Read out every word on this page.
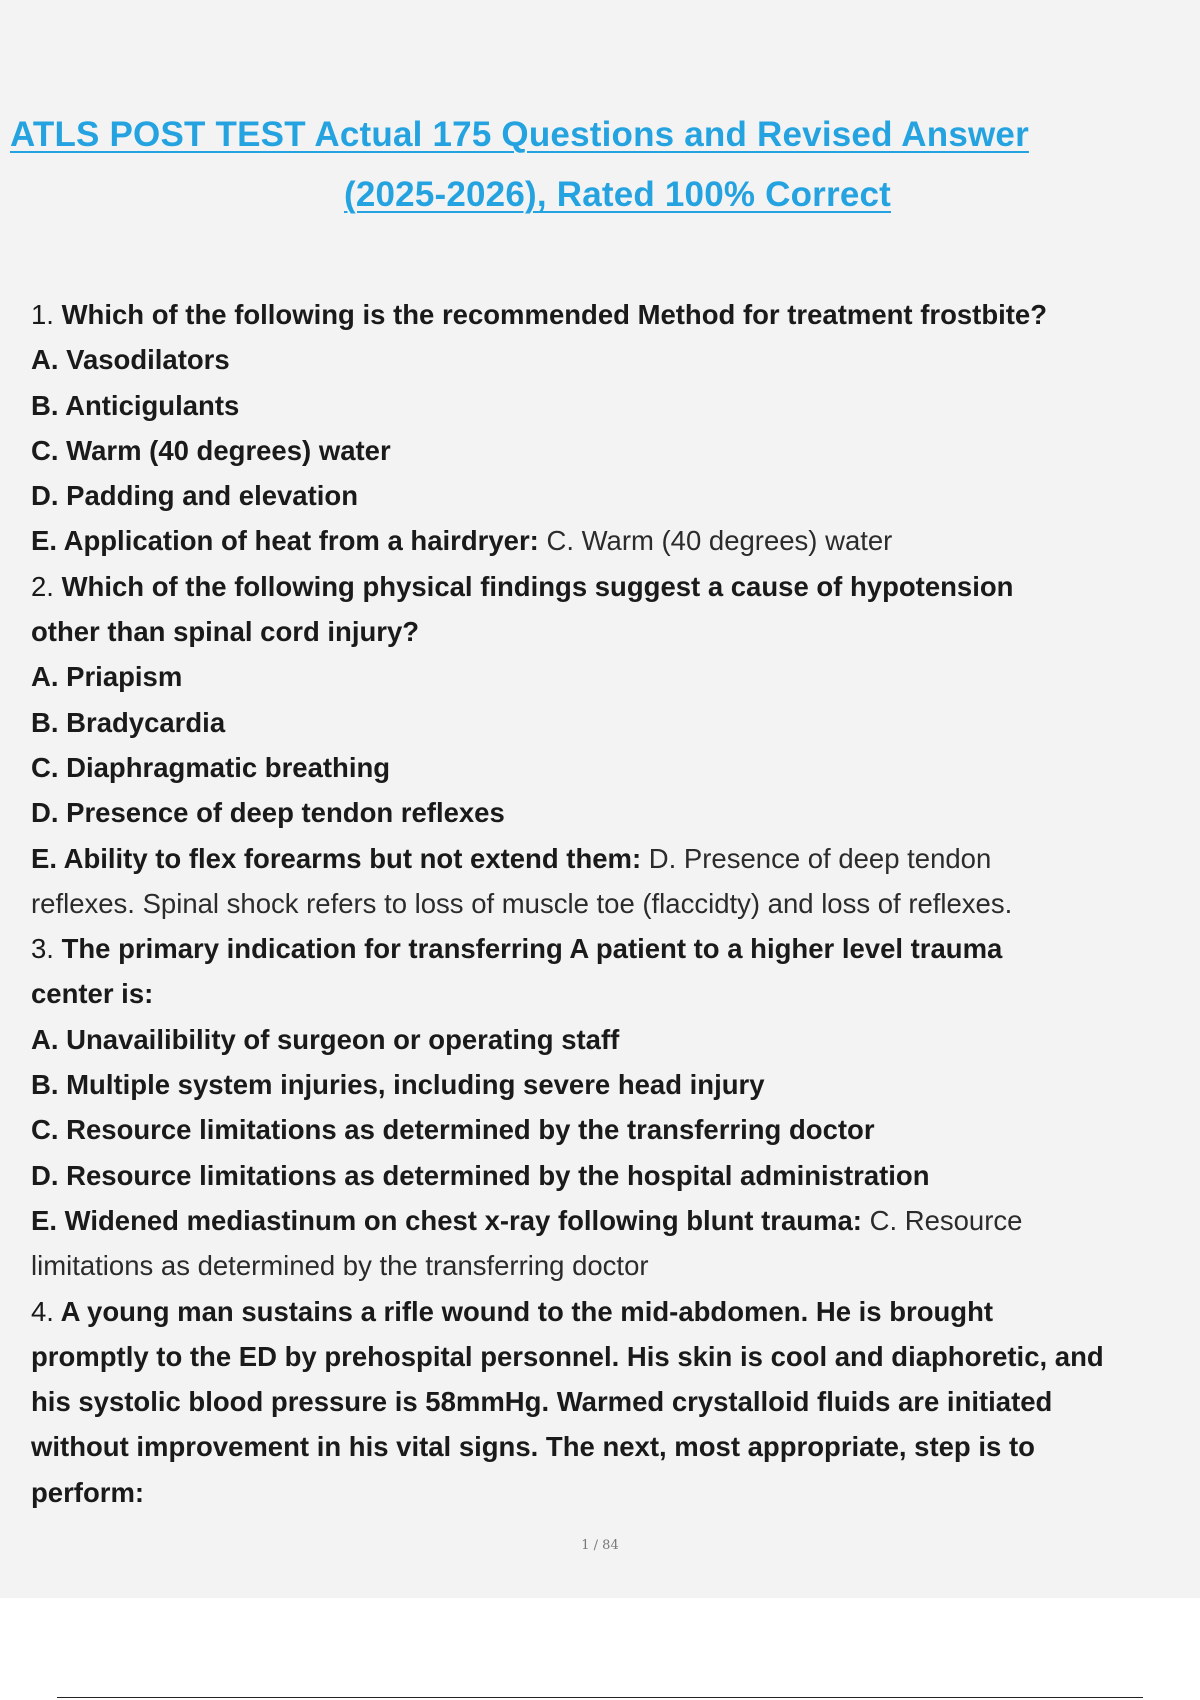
ATLS POST TEST Actual 175 Questions and Revised Answer
(2025-2026), Rated 100% Correct
1. Which of the following is the recommended Method for treatment frostbite?
A. Vasodilators
B. Anticigulants
C. Warm (40 degrees) water
D. Padding and elevation
E. Application of heat from a hairdryer: C. Warm (40 degrees) water
2. Which of the following physical findings suggest a cause of hypotension
other than spinal cord injury?
A. Priapism
B. Bradycardia
C. Diaphragmatic breathing
D. Presence of deep tendon reflexes
E. Ability to flex forearms but not extend them: D. Presence of deep tendon
reflexes. Spinal shock refers to loss of muscle toe (flaccidty) and loss of reflexes.
3. The primary indication for transferring A patient to a higher level trauma
center is:
A. Unavailibility of surgeon or operating staff
B. Multiple system injuries, including severe head injury
C. Resource limitations as determined by the transferring doctor
D. Resource limitations as determined by the hospital administration
E. Widened mediastinum on chest x-ray following blunt trauma: C. Resource
limitations as determined by the transferring doctor
4. A young man sustains a rifle wound to the mid-abdomen. He is brought
promptly to the ED by prehospital personnel. His skin is cool and diaphoretic, and
his systolic blood pressure is 58mmHg. Warmed crystalloid fluids are initiated
without improvement in his vital signs. The next, most appropriate, step is to
perform:
1 / 84
